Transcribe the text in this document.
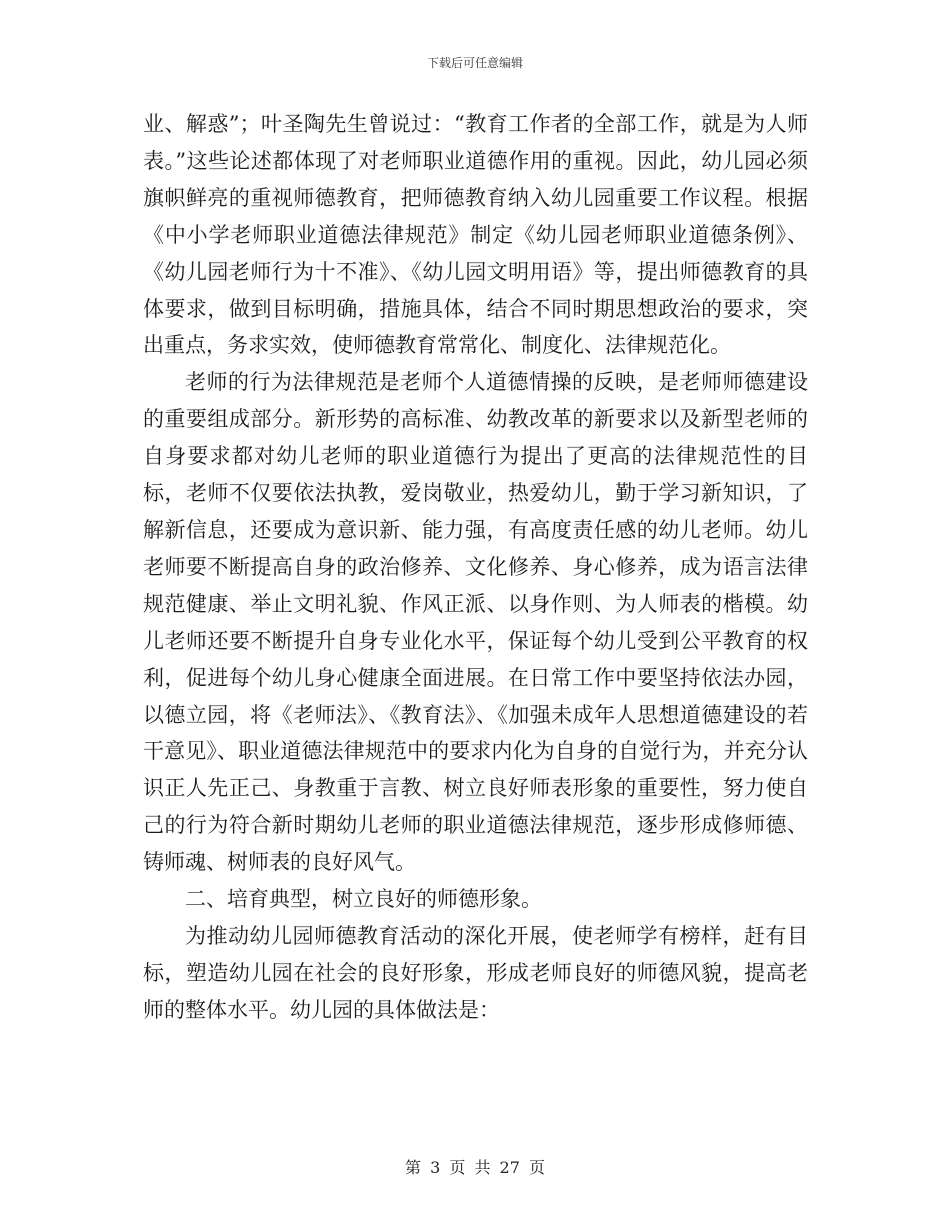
下载后可任意编辑

业、解惑”；叶圣陶先生曾说过：“教育工作者的全部工作，就是为人师表。”这些论述都体现了对老师职业道德作用的重视。因此，幼儿园必须旗帜鲜亮的重视师德教育，把师德教育纳入幼儿园重要工作议程。根据《中小学老师职业道德法律规范》制定《幼儿园老师职业道德条例》、《幼儿园老师行为十不准》、《幼儿园文明用语》等，提出师德教育的具体要求，做到目标明确，措施具体，结合不同时期思想政治的要求，突出重点，务求实效，使师德教育常常化、制度化、法律规范化。

老师的行为法律规范是老师个人道德情操的反映，是老师师德建设的重要组成部分。新形势的高标准、幼教改革的新要求以及新型老师的自身要求都对幼儿老师的职业道德行为提出了更高的法律规范性的目标，老师不仅要依法执教，爱岗敬业，热爱幼儿，勤于学习新知识，了解新信息，还要成为意识新、能力强，有高度责任感的幼儿老师。幼儿老师要不断提高自身的政治修养、文化修养、身心修养，成为语言法律规范健康、举止文明礼貌、作风正派、以身作则、为人师表的楷模。幼儿老师还要不断提升自身专业化水平，保证每个幼儿受到公平教育的权利，促进每个幼儿身心健康全面进展。在日常工作中要坚持依法办园，以德立园，将《老师法》、《教育法》、《加强未成年人思想道德建设的若干意见》、职业道德法律规范中的要求内化为自身的自觉行为，并充分认识正人先正己、身教重于言教、树立良好师表形象的重要性，努力使自己的行为符合新时期幼儿老师的职业道德法律规范，逐步形成修师德、铸师魂、树师表的良好风气。

二、培育典型，树立良好的师德形象。

为推动幼儿园师德教育活动的深化开展，使老师学有榜样，赶有目标，塑造幼儿园在社会的良好形象，形成老师良好的师德风貌，提高老师的整体水平。幼儿园的具体做法是：

第 3 页 共 27 页
